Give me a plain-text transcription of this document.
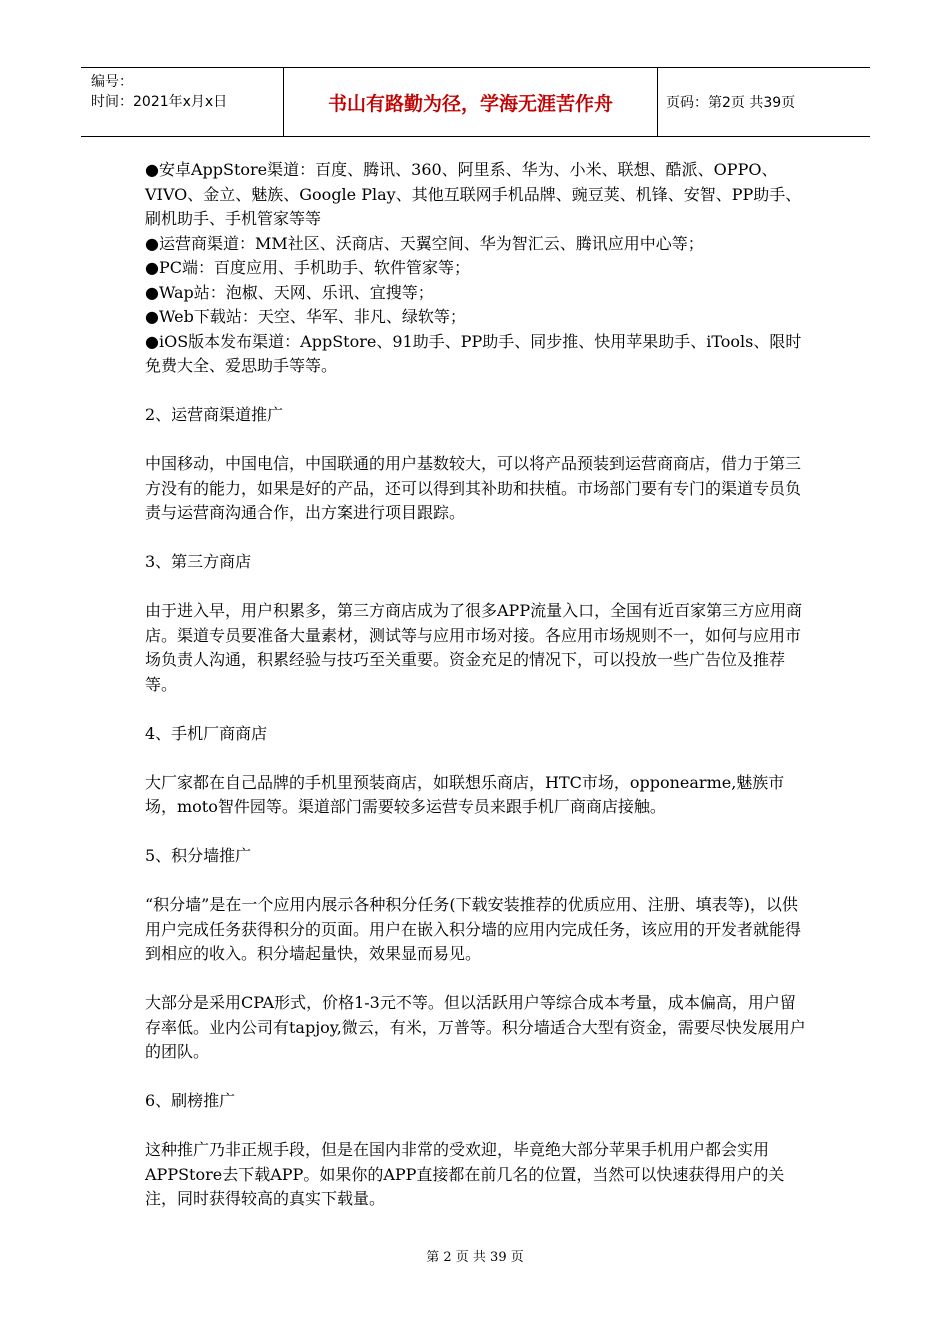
编号：
时间：2021年x月x日	书山有路勤为径，学海无涯苦作舟	页码：第2页 共39页

●安卓AppStore渠道：百度、腾讯、360、阿里系、华为、小米、联想、酷派、OPPO、VIVO、金立、魅族、Google Play、其他互联网手机品牌、豌豆荚、机锋、安智、PP助手、刷机助手、手机管家等等

●运营商渠道：MM社区、沃商店、天翼空间、华为智汇云、腾讯应用中心等；

●PC端：百度应用、手机助手、软件管家等；

●Wap站：泡椒、天网、乐讯、宜搜等；

●Web下载站：天空、华军、非凡、绿软等；

●iOS版本发布渠道：AppStore、91助手、PP助手、同步推、快用苹果助手、iTools、限时免费大全、爱思助手等等。

2、运营商渠道推广

中国移动，中国电信，中国联通的用户基数较大，可以将产品预装到运营商商店，借力于第三方没有的能力，如果是好的产品，还可以得到其补助和扶植。市场部门要有专门的渠道专员负责与运营商沟通合作，出方案进行项目跟踪。

3、第三方商店

由于进入早，用户积累多，第三方商店成为了很多APP流量入口，全国有近百家第三方应用商店。渠道专员要准备大量素材，测试等与应用市场对接。各应用市场规则不一，如何与应用市场负责人沟通，积累经验与技巧至关重要。资金充足的情况下，可以投放一些广告位及推荐等。

4、手机厂商商店

大厂家都在自己品牌的手机里预装商店，如联想乐商店，HTC市场，opponearme,魅族市场，moto智件园等。渠道部门需要较多运营专员来跟手机厂商商店接触。

5、积分墙推广

“积分墙”是在一个应用内展示各种积分任务(下载安装推荐的优质应用、注册、填表等)，以供用户完成任务获得积分的页面。用户在嵌入积分墙的应用内完成任务，该应用的开发者就能得到相应的收入。积分墙起量快，效果显而易见。

大部分是采用CPA形式，价格1-3元不等。但以活跃用户等综合成本考量，成本偏高，用户留存率低。业内公司有tapjoy,微云，有米，万普等。积分墙适合大型有资金，需要尽快发展用户的团队。

6、刷榜推广

这种推广乃非正规手段，但是在国内非常的受欢迎，毕竟绝大部分苹果手机用户都会实用APPStore去下载APP。如果你的APP直接都在前几名的位置，当然可以快速获得用户的关注，同时获得较高的真实下载量。

第 2 页 共 39 页
